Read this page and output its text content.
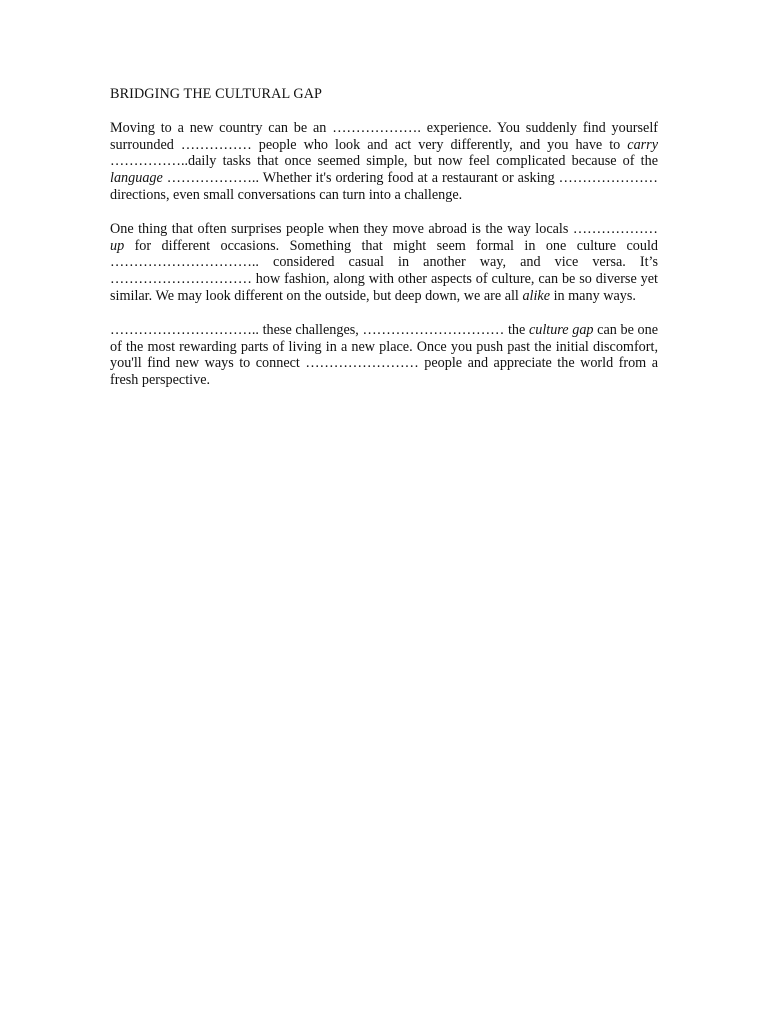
BRIDGING THE CULTURAL GAP

Moving to a new country can be an ………………. experience. You suddenly find yourself surrounded …………… people who look and act very differently, and you have to carry ……………..daily tasks that once seemed simple, but now feel complicated because of the language ……………….. Whether it's ordering food at a restaurant or asking ………………… directions, even small conversations can turn into a challenge.

One thing that often surprises people when they move abroad is the way locals ……………… up for different occasions. Something that might seem formal in one culture could ………………………….. considered casual in another way, and vice versa. It’s ………………………… how fashion, along with other aspects of culture, can be so diverse yet similar. We may look different on the outside, but deep down, we are all alike in many ways.

………………………….. these challenges, ………………………… the culture gap can be one of the most rewarding parts of living in a new place. Once you push past the initial discomfort, you'll find new ways to connect …………………… people and appreciate the world from a fresh perspective.
